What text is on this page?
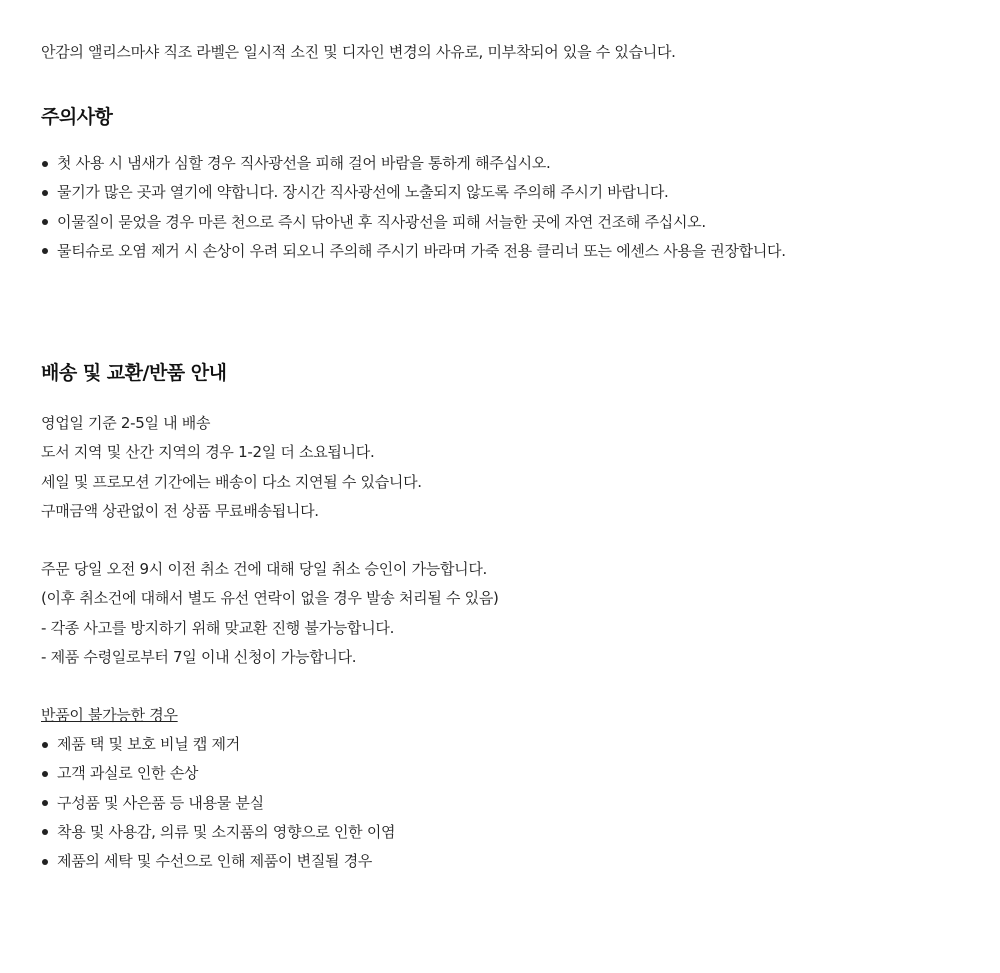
안감의 앨리스마샤 직조 라벨은 일시적 소진 및 디자인 변경의 사유로, 미부착되어 있을 수 있습니다.

주의사항
첫 사용 시 냄새가 심할 경우 직사광선을 피해 걸어 바람을 통하게 해주십시오.
물기가 많은 곳과 열기에 약합니다. 장시간 직사광선에 노출되지 않도록 주의해 주시기 바랍니다.
이물질이 묻었을 경우 마른 천으로 즉시 닦아낸 후 직사광선을 피해 서늘한 곳에 자연 건조해 주십시오.
물티슈로 오염 제거 시 손상이 우려 되오니 주의해 주시기 바라며 가죽 전용 클리너 또는 에센스 사용을 권장합니다.
배송 및 교환/반품 안내
영업일 기준 2-5일 내 배송
도서 지역 및 산간 지역의 경우 1-2일 더 소요됩니다.
세일 및 프로모션 기간에는 배송이 다소 지연될 수 있습니다.
구매금액 상관없이 전 상품 무료배송됩니다.
주문 당일 오전 9시 이전 취소 건에 대해 당일 취소 승인이 가능합니다.
(이후 취소건에 대해서 별도 유선 연락이 없을 경우 발송 처리될 수 있음)
- 각종 사고를 방지하기 위해 맞교환 진행 불가능합니다.
- 제품 수령일로부터 7일 이내 신청이 가능합니다.
반품이 불가능한 경우
제품 택 및 보호 비닐 캡 제거
고객 과실로 인한 손상
구성품 및 사은품 등 내용물 분실
착용 및 사용감, 의류 및 소지품의 영향으로 인한 이염
제품의 세탁 및 수선으로 인해 제품이 변질될 경우
